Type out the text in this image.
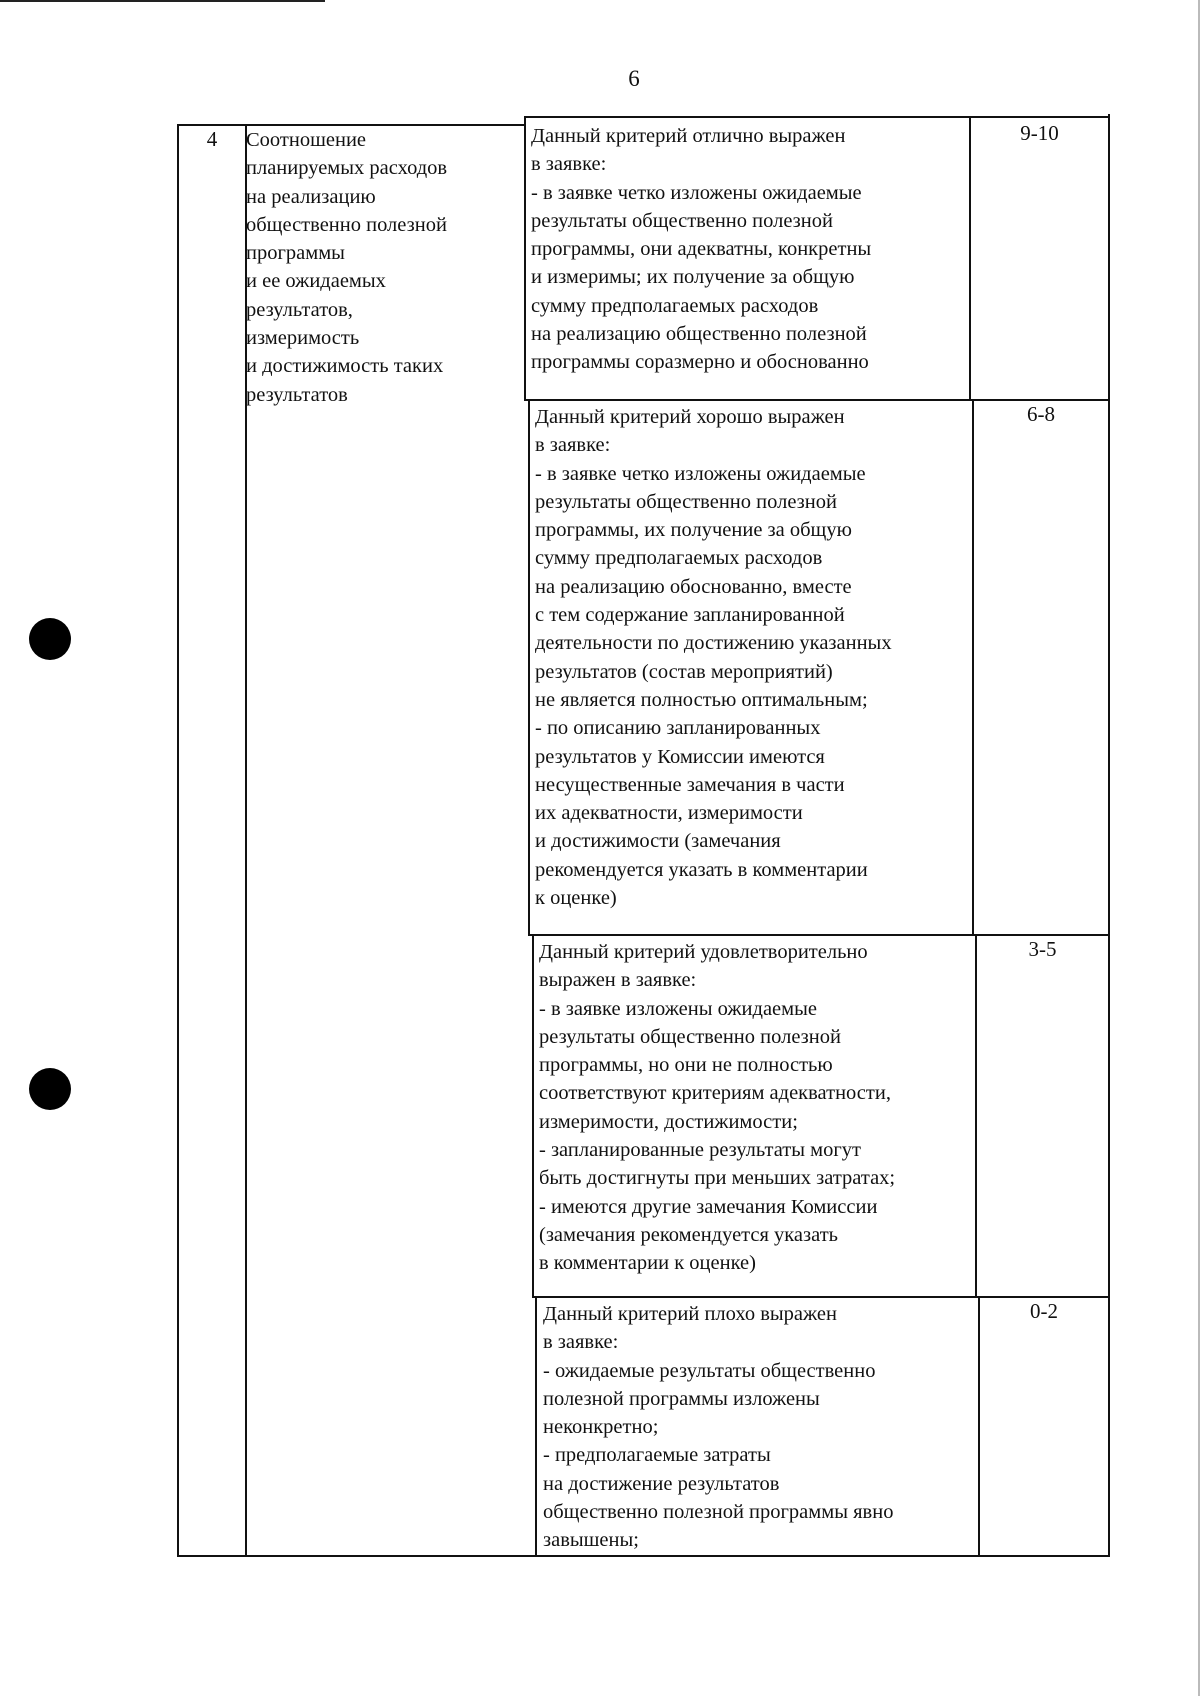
6
4	Соотношение
планируемых расходов
на реализацию
общественно полезной
программы
и ее ожидаемых
результатов,
измеримость
и достижимость таких
результатов
Данный критерий отлично выражен
в заявке:
- в заявке четко изложены ожидаемые
результаты общественно полезной
программы, они адекватны, конкретны
и измеримы; их получение за общую
сумму предполагаемых расходов
на реализацию общественно полезной
программы соразмерно и обоснованно
9-10
Данный критерий хорошо выражен
в заявке:
- в заявке четко изложены ожидаемые
результаты общественно полезной
программы, их получение за общую
сумму предполагаемых расходов
на реализацию обоснованно, вместе
с тем содержание запланированной
деятельности по достижению указанных
результатов (состав мероприятий)
не является полностью оптимальным;
- по описанию запланированных
результатов у Комиссии имеются
несущественные замечания в части
их адекватности, измеримости
и достижимости (замечания
рекомендуется указать в комментарии
к оценке)
6-8
Данный критерий удовлетворительно
выражен в заявке:
- в заявке изложены ожидаемые
результаты общественно полезной
программы, но они не полностью
соответствуют критериям адекватности,
измеримости, достижимости;
- запланированные результаты могут
быть достигнуты при меньших затратах;
- имеются другие замечания Комиссии
(замечания рекомендуется указать
в комментарии к оценке)
3-5
Данный критерий плохо выражен
в заявке:
- ожидаемые результаты общественно
полезной программы изложены
неконкретно;
- предполагаемые затраты
на достижение результатов
общественно полезной программы явно
завышены;
0-2
